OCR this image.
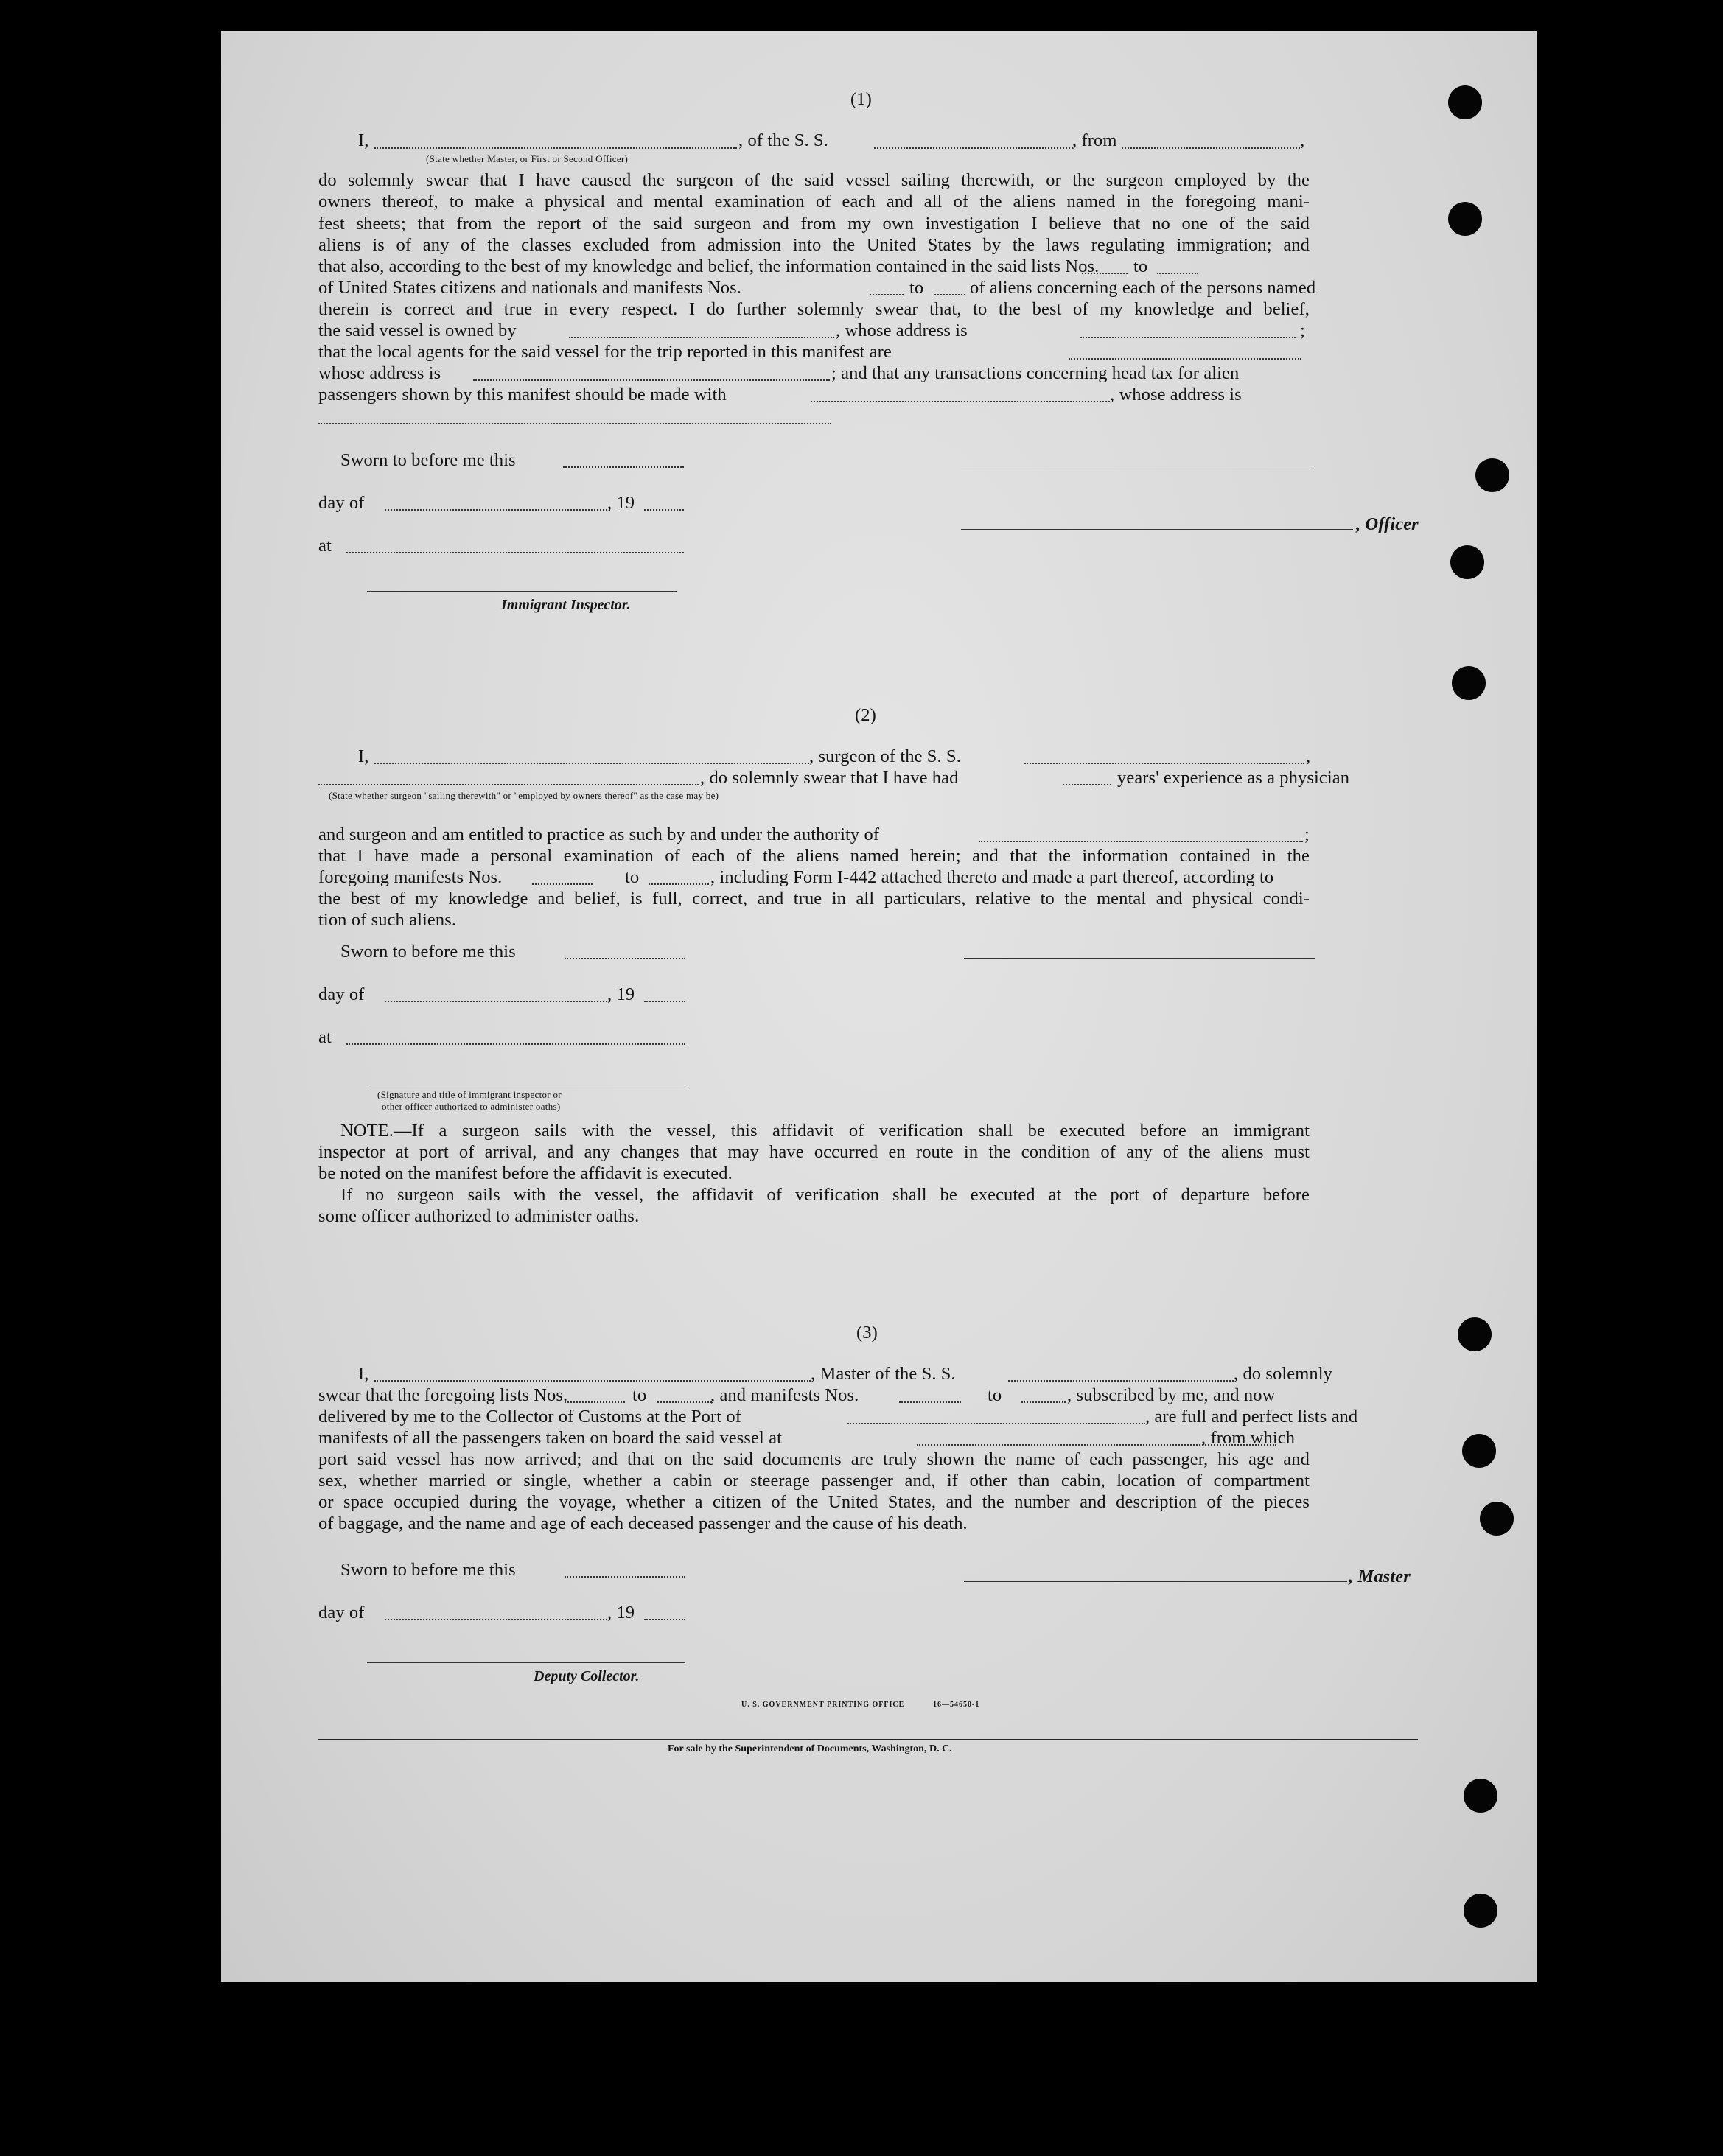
(1)
I,	, of the S. S.	, from	,
(State whether Master, or First or Second Officer)
do solemnly swear that I have caused the surgeon of the said vessel sailing therewith, or the surgeon employed by the
owners thereof, to make a physical and mental examination of each and all of the aliens named in the foregoing mani-
fest sheets; that from the report of the said surgeon and from my own investigation I believe that no one of the said
aliens is of any of the classes excluded from admission into the United States by the laws regulating immigration; and
that also, according to the best of my knowledge and belief, the information contained in the said lists Nos. to
of United States citizens and nationals and manifests Nos.	to	of aliens concerning each of the persons named
therein is correct and true in every respect. I do further solemnly swear that, to the best of my knowledge and belief,
the said vessel is owned by	, whose address is	;
that the local agents for the said vessel for the trip reported in this manifest are
whose address is	; and that any transactions concerning head tax for alien
passengers shown by this manifest should be made with	, whose address is
Sworn to before me this
day of	, 19
, Officer
at
Immigrant Inspector.
(2)
I,	, surgeon of the S. S.	,
, do solemnly swear that I have had	years' experience as a physician
(State whether surgeon "sailing therewith" or "employed by owners thereof" as the case may be)
and surgeon and am entitled to practice as such by and under the authority of	;
that I have made a personal examination of each of the aliens named herein; and that the information contained in the
foregoing manifests Nos.	to	, including Form I-442 attached thereto and made a part thereof, according to
the best of my knowledge and belief, is full, correct, and true in all particulars, relative to the mental and physical condi-
tion of such aliens.
Sworn to before me this
day of	, 19
at
(Signature and title of immigrant inspector or
other officer authorized to administer oaths)
NOTE.—If a surgeon sails with the vessel, this affidavit of verification shall be executed before an immigrant
inspector at port of arrival, and any changes that may have occurred en route in the condition of any of the aliens must
be noted on the manifest before the affidavit is executed.
If no surgeon sails with the vessel, the affidavit of verification shall be executed at the port of departure before
some officer authorized to administer oaths.
(3)
I,	, Master of the S. S.	, do solemnly
swear that the foregoing lists Nos.	to	, and manifests Nos.	to	, subscribed by me, and now
delivered by me to the Collector of Customs at the Port of	, are full and perfect lists and
manifests of all the passengers taken on board the said vessel at	, from which
port said vessel has now arrived; and that on the said documents are truly shown the name of each passenger, his age and
sex, whether married or single, whether a cabin or steerage passenger and, if other than cabin, location of compartment
or space occupied during the voyage, whether a citizen of the United States, and the number and description of the pieces
of baggage, and the name and age of each deceased passenger and the cause of his death.
Sworn to before me this	, Master
day of	, 19
Deputy Collector.
U. S. GOVERNMENT PRINTING OFFICE	16—54650-1
For sale by the Superintendent of Documents, Washington, D. C.
